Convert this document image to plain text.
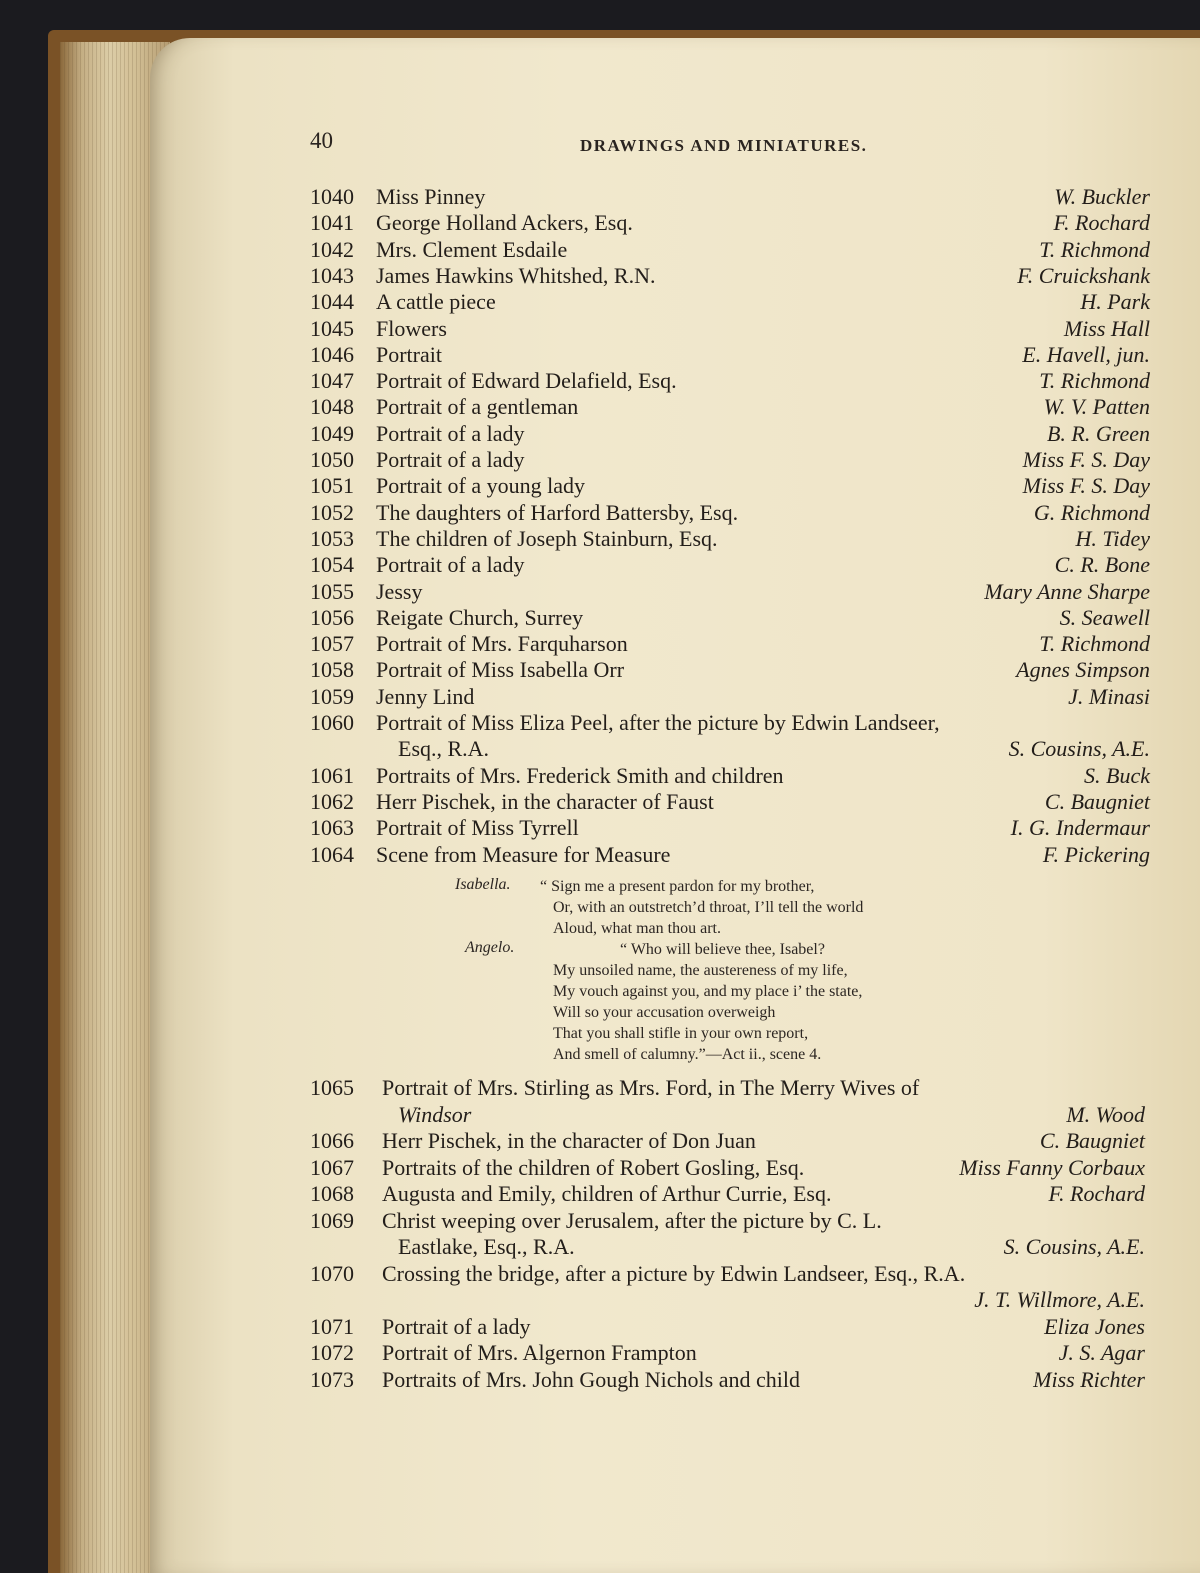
40	DRAWINGS AND MINIATURES.
1040	Miss Pinney	W. Buckler
1041	George Holland Ackers, Esq.	F. Rochard
1042	Mrs. Clement Esdaile	T. Richmond
1043	James Hawkins Whitshed, R.N.	F. Cruickshank
1044	A cattle piece	H. Park
1045	Flowers	Miss Hall
1046	Portrait	E. Havell, jun.
1047	Portrait of Edward Delafield, Esq.	T. Richmond
1048	Portrait of a gentleman	W. V. Patten
1049	Portrait of a lady	B. R. Green
1050	Portrait of a lady	Miss F. S. Day
1051	Portrait of a young lady	Miss F. S. Day
1052	The daughters of Harford Battersby, Esq.	G. Richmond
1053	The children of Joseph Stainburn, Esq.	H. Tidey
1054	Portrait of a lady	C. R. Bone
1055	Jessy	Mary Anne Sharpe
1056	Reigate Church, Surrey	S. Seawell
1057	Portrait of Mrs. Farquharson	T. Richmond
1058	Portrait of Miss Isabella Orr	Agnes Simpson
1059	Jenny Lind	J. Minasi
1060	Portrait of Miss Eliza Peel, after the picture by Edwin Landseer,
Esq., R.A.	S. Cousins, A.E.
1061	Portraits of Mrs. Frederick Smith and children	S. Buck
1062	Herr Pischek, in the character of Faust	C. Baugniet
1063	Portrait of Miss Tyrrell	I. G. Indermaur
1064	Scene from Measure for Measure	F. Pickering
Isabella. “ Sign me a present pardon for my brother,
Or, with an outstretch’d throat, I’ll tell the world
Aloud, what man thou art.
Angelo.	“ Who will believe thee, Isabel?
My unsoiled name, the austereness of my life,
My vouch against you, and my place i’ the state,
Will so your accusation overweigh
That you shall stifle in your own report,
And smell of calumny.”—Act ii., scene 4.
1065	Portrait of Mrs. Stirling as Mrs. Ford, in The Merry Wives of
Windsor	M. Wood
1066	Herr Pischek, in the character of Don Juan	C. Baugniet
1067	Portraits of the children of Robert Gosling, Esq.	Miss Fanny Corbaux
1068	Augusta and Emily, children of Arthur Currie, Esq.	F. Rochard
1069	Christ weeping over Jerusalem, after the picture by C. L.
Eastlake, Esq., R.A.	S. Cousins, A.E.
1070	Crossing the bridge, after a picture by Edwin Landseer, Esq., R.A.
J. T. Willmore, A.E.
1071	Portrait of a lady	Eliza Jones
1072	Portrait of Mrs. Algernon Frampton	J. S. Agar
1073	Portraits of Mrs. John Gough Nichols and child	Miss Richter
